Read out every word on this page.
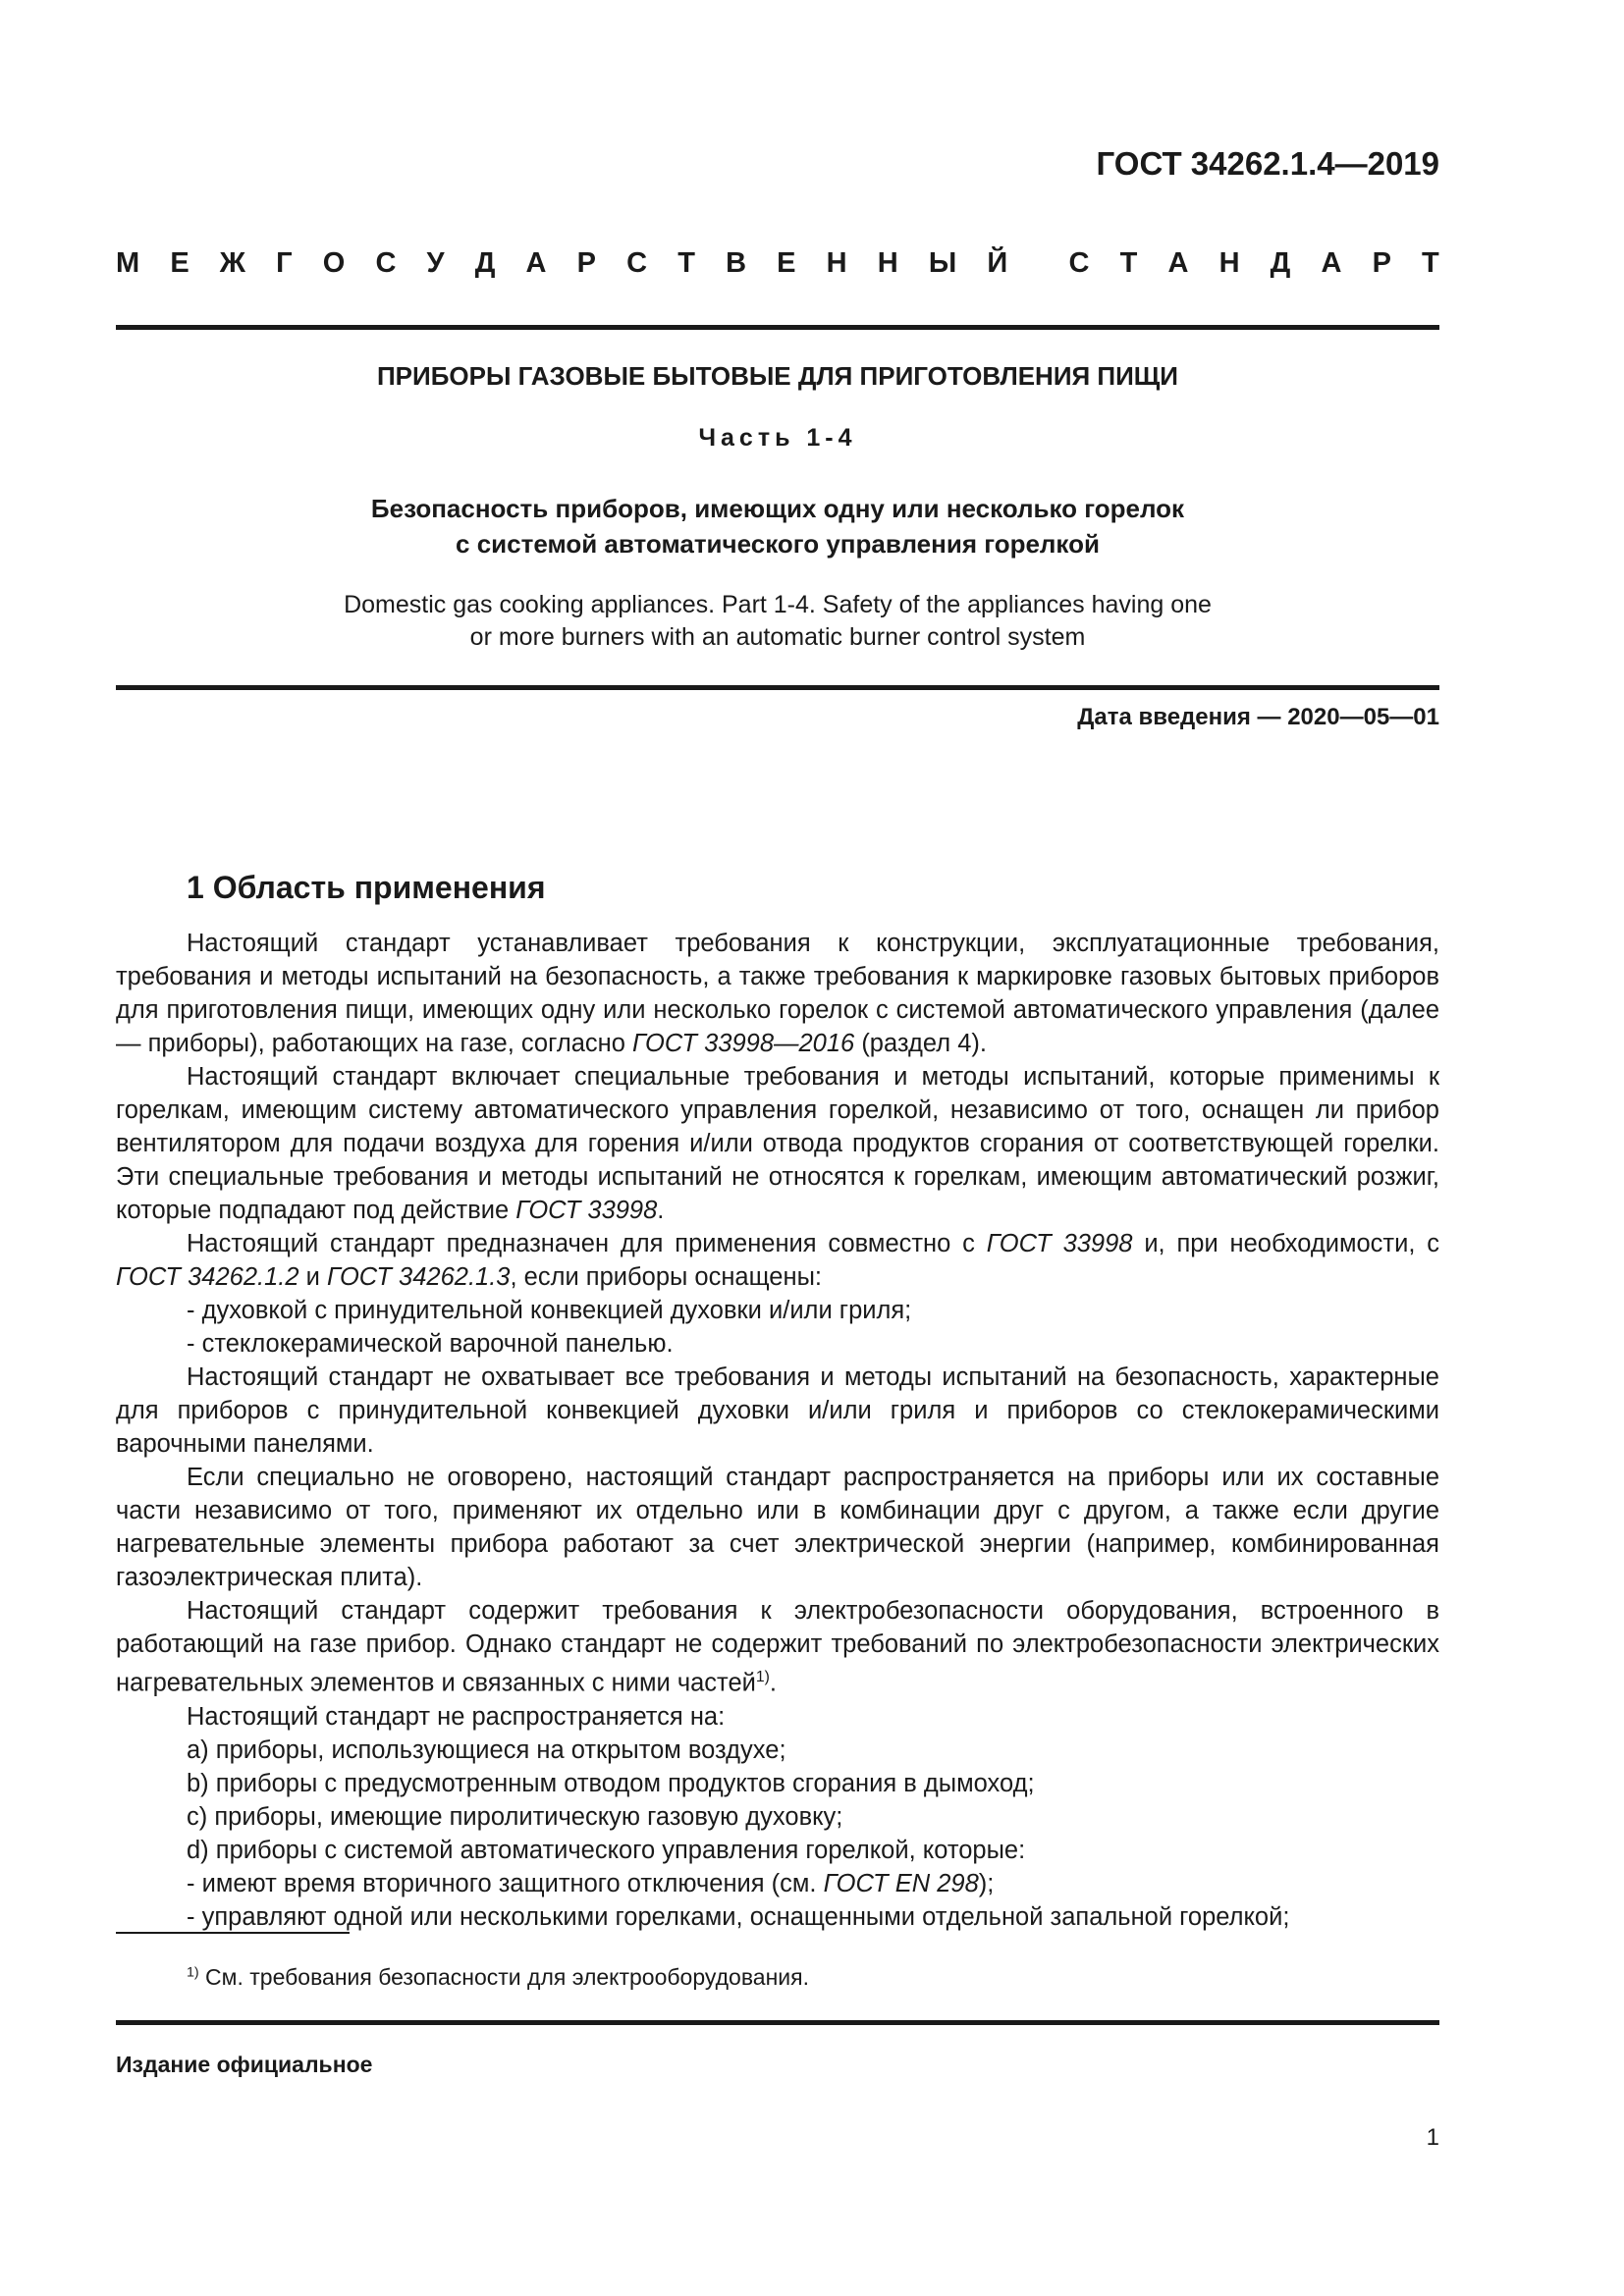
ГОСТ 34262.1.4—2019
М Е Ж Г О С У Д А Р С Т В Е Н Н Ы Й С Т А Н Д А Р Т
ПРИБОРЫ ГАЗОВЫЕ БЫТОВЫЕ ДЛЯ ПРИГОТОВЛЕНИЯ ПИЩИ
Часть 1-4
Безопасность приборов, имеющих одну или несколько горелок
с системой автоматического управления горелкой
Domestic gas cooking appliances. Part 1-4. Safety of the appliances having one
or more burners with an automatic burner control system
Дата введения — 2020—05—01
1 Область применения

Настоящий стандарт устанавливает требования к конструкции, эксплуатационные требования, требования и методы испытаний на безопасность, а также требования к маркировке газовых бытовых приборов для приготовления пищи, имеющих одну или несколько горелок с системой автоматического управления (далее — приборы), работающих на газе, согласно ГОСТ 33998—2016 (раздел 4).

Настоящий стандарт включает специальные требования и методы испытаний, которые применимы к горелкам, имеющим систему автоматического управления горелкой, независимо от того, оснащен ли прибор вентилятором для подачи воздуха для горения и/или отвода продуктов сгорания от соответствующей горелки. Эти специальные требования и методы испытаний не относятся к горелкам, имеющим автоматический розжиг, которые подпадают под действие ГОСТ 33998.

Настоящий стандарт предназначен для применения совместно с ГОСТ 33998 и, при необходимости, с ГОСТ 34262.1.2 и ГОСТ 34262.1.3, если приборы оснащены:

- духовкой с принудительной конвекцией духовки и/или гриля;

- стеклокерамической варочной панелью.

Настоящий стандарт не охватывает все требования и методы испытаний на безопасность, характерные для приборов с принудительной конвекцией духовки и/или гриля и приборов со стеклокерамическими варочными панелями.

Если специально не оговорено, настоящий стандарт распространяется на приборы или их составные части независимо от того, применяют их отдельно или в комбинации друг с другом, а также если другие нагревательные элементы прибора работают за счет электрической энергии (например, комбинированная газоэлектрическая плита).

Настоящий стандарт содержит требования к электробезопасности оборудования, встроенного в работающий на газе прибор. Однако стандарт не содержит требований по электробезопасности электрических нагревательных элементов и связанных с ними частей$^{1)}$.

Настоящий стандарт не распространяется на:

a) приборы, использующиеся на открытом воздухе;

b) приборы с предусмотренным отводом продуктов сгорания в дымоход;

c) приборы, имеющие пиролитическую газовую духовку;

d) приборы с системой автоматического управления горелкой, которые:

- имеют время вторичного защитного отключения (см. ГОСТ EN 298);

- управляют одной или несколькими горелками, оснащенными отдельной запальной горелкой;

$^{1)}$ См. требования безопасности для электрооборудования.
Издание официальное
1
